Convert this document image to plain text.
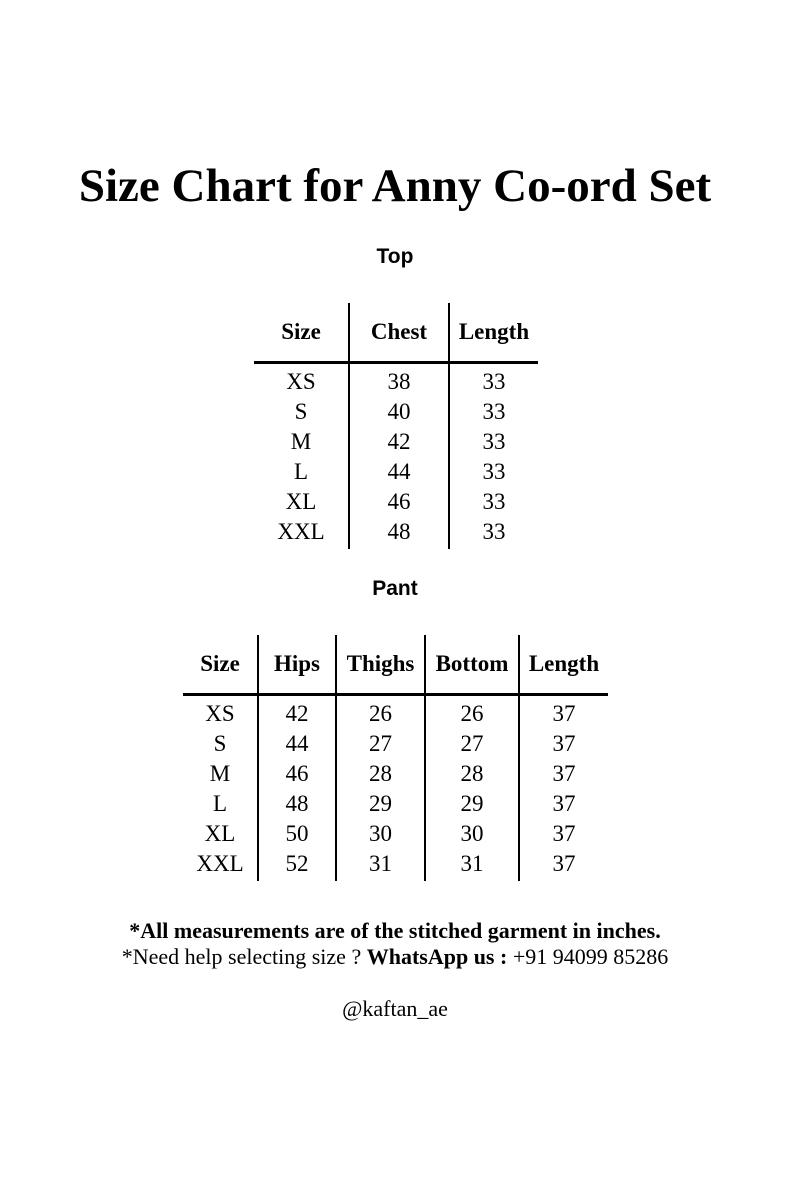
Size Chart for Anny Co-ord Set
Top
Size	Chest	Length
XS	38	33
S	40	33
M	42	33
L	44	33
XL	46	33
XXL	48	33
Pant
Size	Hips	Thighs	Bottom	Length
XS	42	26	26	37
S	44	27	27	37
M	46	28	28	37
L	48	29	29	37
XL	50	30	30	37
XXL	52	31	31	37
*All measurements are of the stitched garment in inches.
*Need help selecting size ? WhatsApp us : +91 94099 85286
@kaftan_ae
